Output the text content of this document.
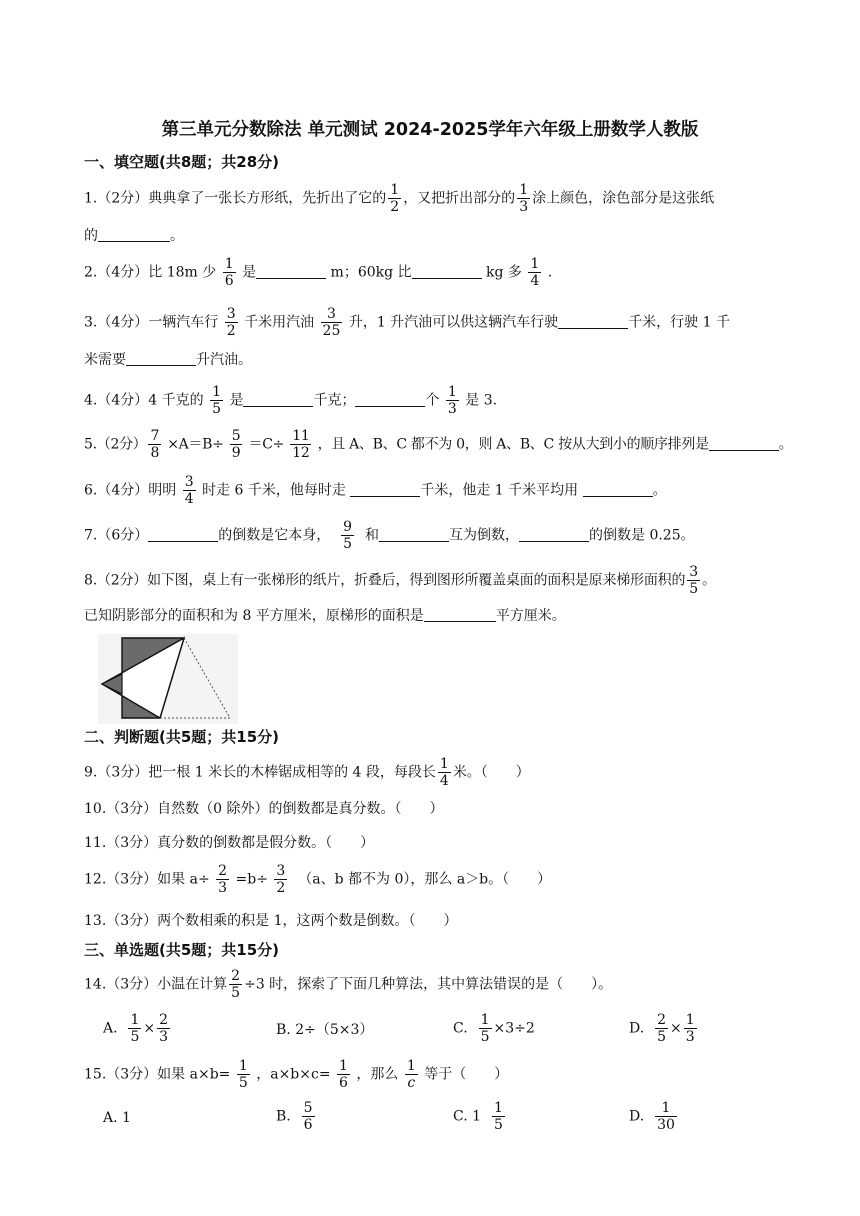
第三单元分数除法 单元测试 2024-2025学年六年级上册数学人教版
一、填空题(共8题；共28分)
1.（2分）典典拿了一张长方形纸，先折出了它的 $\frac{1}{2}$ ，又把折出部分的 $\frac{1}{3}$ 涂上颜色，涂色部分是这张纸
的	。
2.（4分）比 18m 少 $\frac{1}{6}$ 是	m；60kg 比	kg 多 $\frac{1}{4}$ .
3.（4分）一辆汽车行 $\frac{3}{2}$ 千米用汽油 $\frac{3}{25}$ 升，1 升汽油可以供这辆汽车行驶	千米，行驶 1 千
米需要	升汽油。
4.（4分）4 千克的 $\frac{1}{5}$ 是	千克；	个 $\frac{1}{3}$ 是 3.
5.（2分） $\frac{7}{8} \times A=B\div \frac{5}{9} =C\div \frac{11}{12}$ ，且 A、B、C 都不为 0，则 A、B、C 按从大到小的顺序排列是	。
6.（4分）明明 $\frac{3}{4}$ 时走 6 千米，他每时走	千米，他走 1 千米平均用	。
7.（6分）	的倒数是它本身， $\frac{9}{5}$ 和	互为倒数，	的倒数是 0.25。
8.（2分）如下图，桌上有一张梯形的纸片，折叠后，得到图形所覆盖桌面的面积是原来梯形面积的 $\frac{3}{5}$ 。
已知阴影部分的面积和为 8 平方厘米，原梯形的面积是	平方厘米。
二、判断题(共5题；共15分)
9.（3分）把一根 1 米长的木棒锯成相等的 4 段，每段长 $\frac{1}{4}$ 米。（　　）
10.（3分）自然数（0 除外）的倒数都是真分数。（　　）
11.（3分）真分数的倒数都是假分数。（　　）
12.（3分）如果 $a\div \frac{2}{3} =b\div \frac{3}{2} (a$、b 都不为 0），那么 a＞b。（　　）
13.（3分）两个数相乘的积是 1，这两个数是倒数。（　　）
三、单选题(共5题；共15分)
14.（3分）小温在计算 $\frac{2}{5} \div 3$ 时，探索了下面几种算法，其中算法错误的是（　　）。
A. $\frac{1}{5} \times \frac{2}{3}$	B. 2÷（5×3）	C. $\frac{1}{5} \times 3\div 2$	D. $\frac{2}{5} \times \frac{1}{3}$
15.（3分）如果 $a\times b= \frac{1}{5}$ ，$a\times b\times c= \frac{1}{6}$ ，那么 $\frac{1}{c}$ 等于（　　）
A. 1	B. $\frac{5}{6}$	C. $1 \frac{1}{5}$	D. $\frac{1}{30}$
